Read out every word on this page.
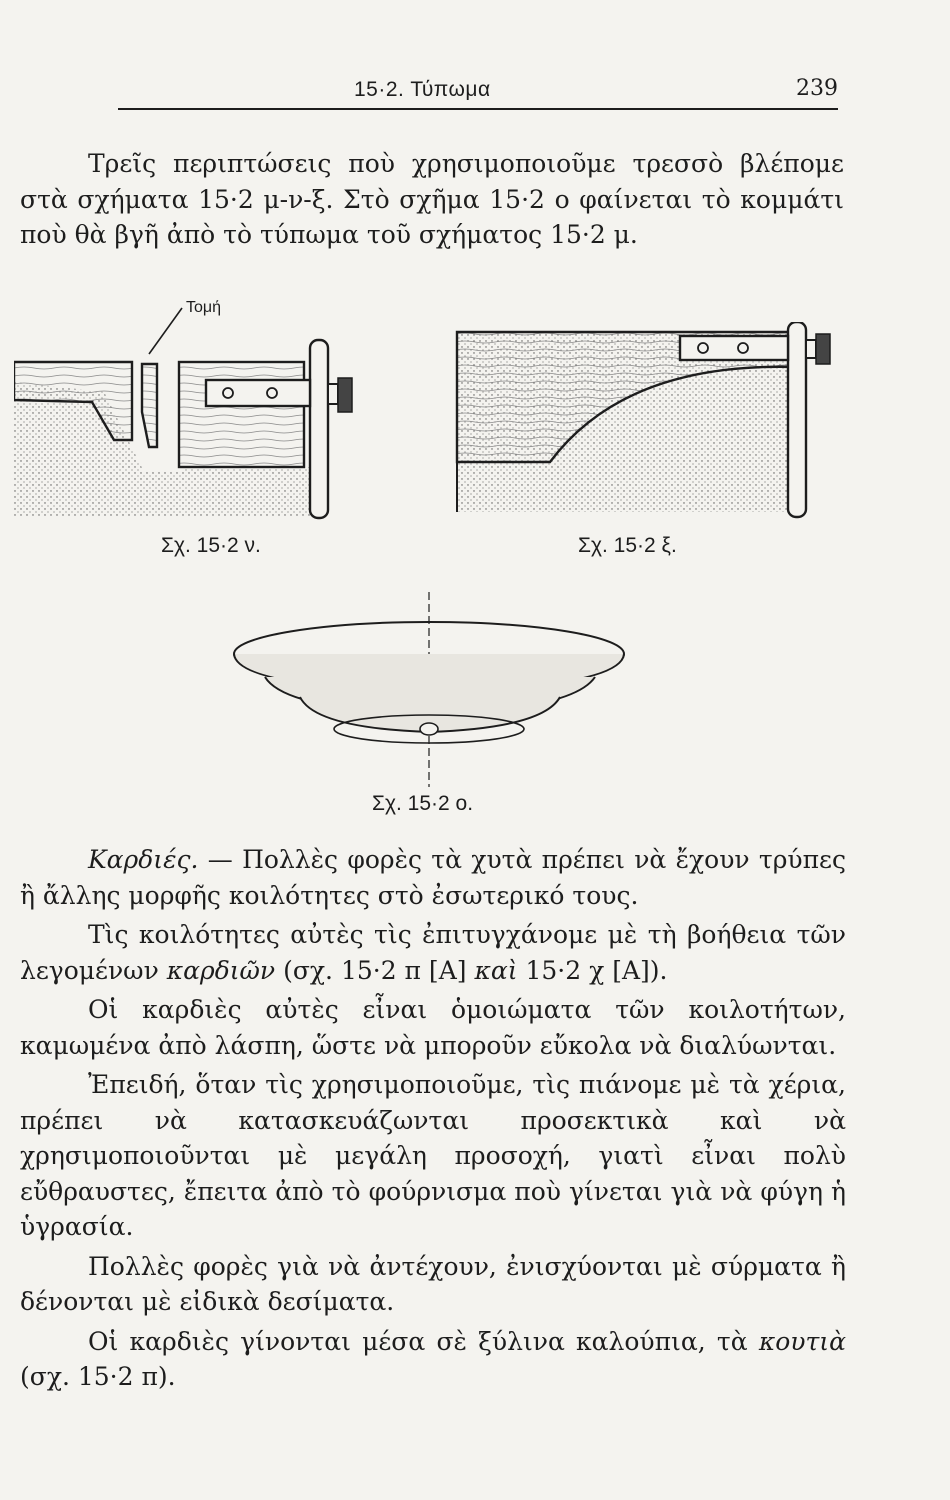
15·2. Τύπωμα	239

Τρεῖς περιπτώσεις ποὺ χρησιμοποιοῦμε τρεσσὸ βλέπομε στὰ σχήματα 15·2 μ-ν-ξ. Στὸ σχῆμα 15·2 ο φαίνεται τὸ κομμάτι ποὺ θὰ βγῆ ἀπὸ τὸ τύπωμα τοῦ σχήματος 15·2 μ.

Τομή
Σχ. 15·2 ν.	Σχ. 15·2 ξ.
Σχ. 15·2 ο.

Καρδιές. — Πολλὲς φορὲς τὰ χυτὰ πρέπει νὰ ἔχουν τρύπες ἢ ἄλλης μορφῆς κοιλότητες στὸ ἐσωτερικό τους.

Τὶς κοιλότητες αὐτὲς τὶς ἐπιτυγχάνομε μὲ τὴ βοήθεια τῶν λεγομένων καρδιῶν (σχ. 15·2 π [A] καὶ 15·2 χ [A]).

Οἱ καρδιὲς αὐτὲς εἶναι ὁμοιώματα τῶν κοιλοτήτων, καμωμένα ἀπὸ λάσπη, ὥστε νὰ μποροῦν εὔκολα νὰ διαλύωνται.

Ἐπειδή, ὅταν τὶς χρησιμοποιοῦμε, τὶς πιάνομε μὲ τὰ χέρια, πρέπει νὰ κατασκευάζωνται προσεκτικὰ καὶ νὰ χρησιμοποιοῦνται μὲ μεγάλη προσοχή, γιατὶ εἶναι πολὺ εὔθραυστες, ἔπειτα ἀπὸ τὸ φούρνισμα ποὺ γίνεται γιὰ νὰ φύγη ἡ ὑγρασία.

Πολλὲς φορὲς γιὰ νὰ ἀντέχουν, ἐνισχύονται μὲ σύρματα ἢ δένονται μὲ εἰδικὰ δεσίματα.

Οἱ καρδιὲς γίνονται μέσα σὲ ξύλινα καλούπια, τὰ κουτιὰ (σχ. 15·2 π).
